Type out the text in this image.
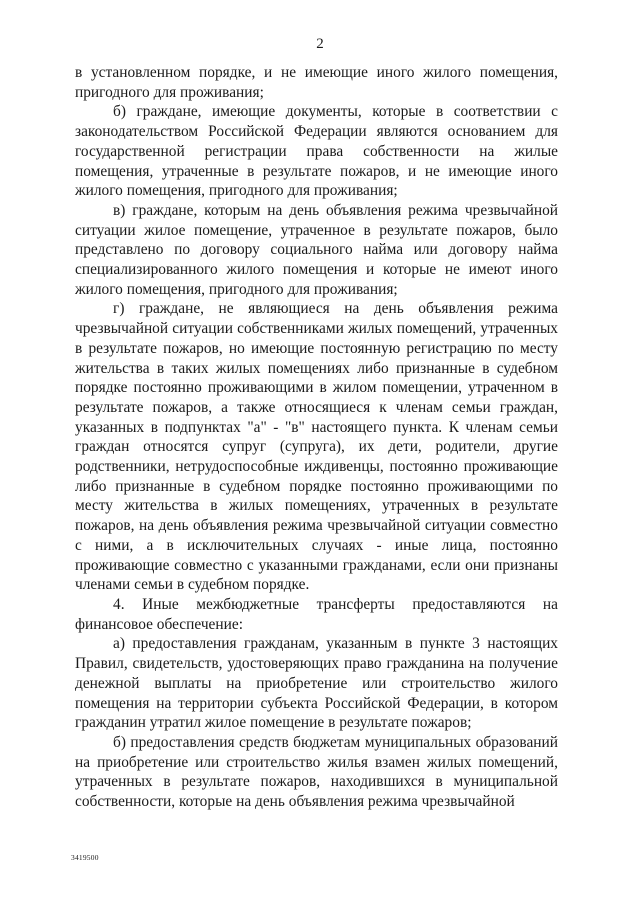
2

в установленном порядке, и не имеющие иного жилого помещения, пригодного для проживания;

б) граждане, имеющие документы, которые в соответствии с законодательством Российской Федерации являются основанием для государственной регистрации права собственности на жилые помещения, утраченные в результате пожаров, и не имеющие иного жилого помещения, пригодного для проживания;

в) граждане, которым на день объявления режима чрезвычайной ситуации жилое помещение, утраченное в результате пожаров, было представлено по договору социального найма или договору найма специализированного жилого помещения и которые не имеют иного жилого помещения, пригодного для проживания;

г) граждане, не являющиеся на день объявления режима чрезвычайной ситуации собственниками жилых помещений, утраченных в результате пожаров, но имеющие постоянную регистрацию по месту жительства в таких жилых помещениях либо признанные в судебном порядке постоянно проживающими в жилом помещении, утраченном в результате пожаров, а также относящиеся к членам семьи граждан, указанных в подпунктах "а" - "в" настоящего пункта. К членам семьи граждан относятся супруг (супруга), их дети, родители, другие родственники, нетрудоспособные иждивенцы, постоянно проживающие либо признанные в судебном порядке постоянно проживающими по месту жительства в жилых помещениях, утраченных в результате пожаров, на день объявления режима чрезвычайной ситуации совместно с ними, а в исключительных случаях - иные лица, постоянно проживающие совместно с указанными гражданами, если они признаны членами семьи в судебном порядке.

4. Иные межбюджетные трансферты предоставляются на финансовое обеспечение:

а) предоставления гражданам, указанным в пункте 3 настоящих Правил, свидетельств, удостоверяющих право гражданина на получение денежной выплаты на приобретение или строительство жилого помещения на территории субъекта Российской Федерации, в котором гражданин утратил жилое помещение в результате пожаров;

б) предоставления средств бюджетам муниципальных образований на приобретение или строительство жилья взамен жилых помещений, утраченных в результате пожаров, находившихся в муниципальной собственности, которые на день объявления режима чрезвычайной

3419500
